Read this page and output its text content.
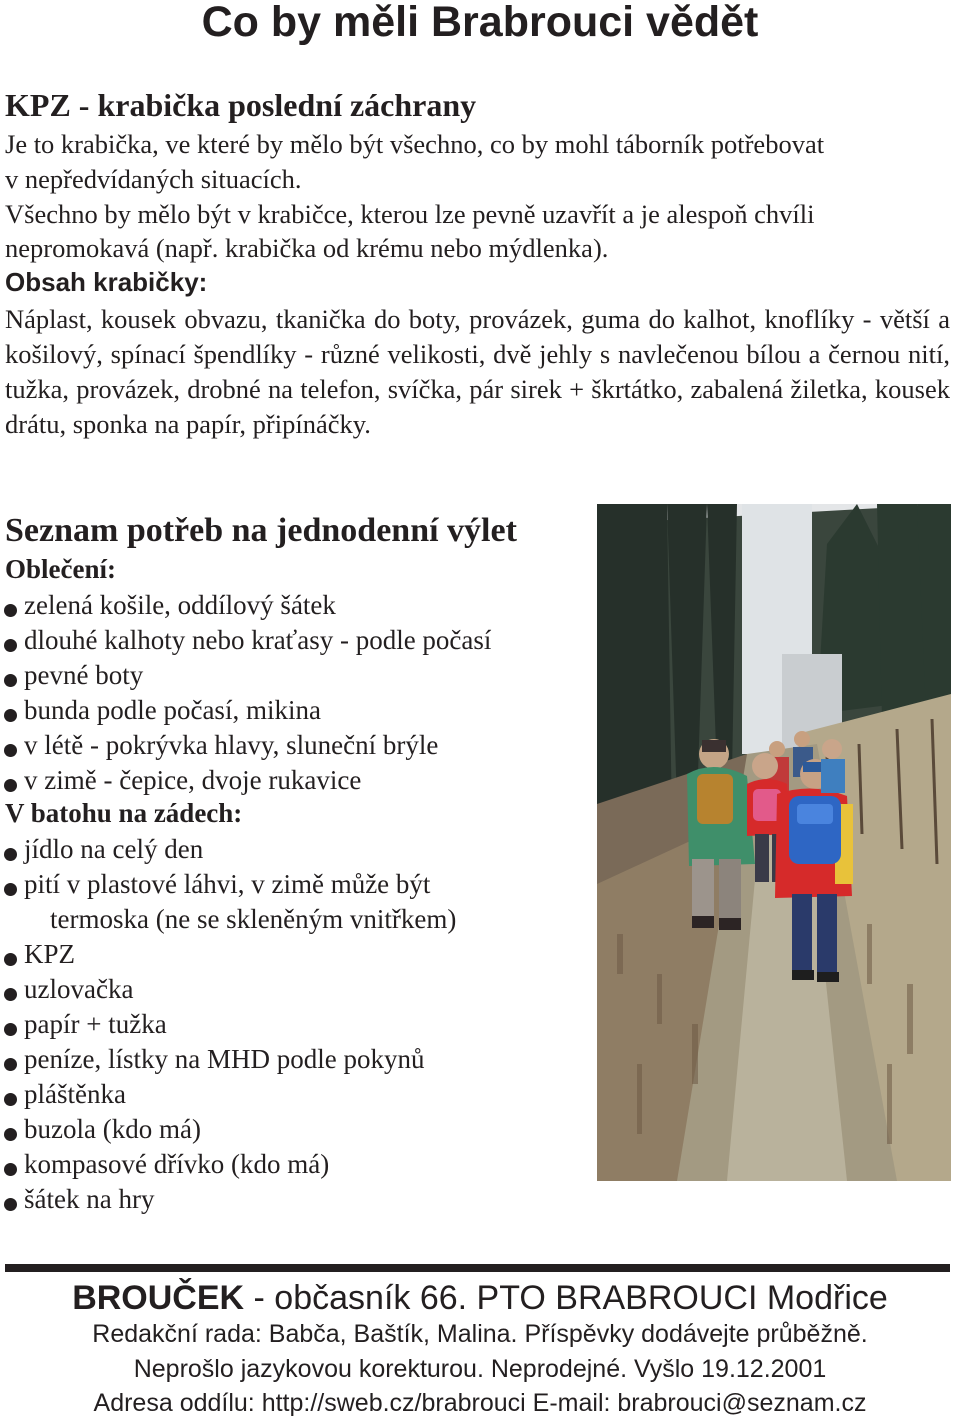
Co by měli Brabrouci vědět
KPZ - krabička poslední záchrany
Je to krabička, ve které by mělo být všechno, co by mohl táborník potřebovat
v nepředvídaných situacích.
Všechno by mělo být v krabičce, kterou lze pevně uzavřít a je alespoň chvíli
nepromokavá (např. krabička od krému nebo mýdlenka).
Obsah krabičky:
Náplast, kousek obvazu, tkanička do boty, provázek, guma do kalhot, knoflíky - větší a košilový, spínací špendlíky - různé velikosti, dvě jehly s navlečenou bílou a černou nití, tužka, provázek, drobné na telefon, svíčka, pár sirek + škrtátko, zabalená žiletka, kousek drátu, sponka na papír, připínáčky.
Seznam potřeb na jednodenní výlet
Oblečení:
zelená košile, oddílový šátek
dlouhé kalhoty nebo kraťasy - podle počasí
pevné boty
bunda podle počasí, mikina
v létě - pokrývka hlavy, sluneční brýle
v zimě - čepice, dvoje rukavice
V batohu na zádech:
jídlo na celý den
pití v plastové láhvi, v zimě může být
termoska (ne se skleněným vnitřkem)
KPZ
uzlovačka
papír + tužka
peníze, lístky na MHD podle pokynů
pláštěnka
buzola (kdo má)
kompasové dřívko (kdo má)
šátek na hry
BROUČEK - občasník 66. PTO BRABROUCI Modřice
Redakční rada: Babča, Baštík, Malina. Příspěvky dodávejte průběžně.
Neprošlo jazykovou korekturou. Neprodejné. Vyšlo 19.12.2001
Adresa oddílu: http://sweb.cz/brabrouci E-mail: brabrouci@seznam.cz
